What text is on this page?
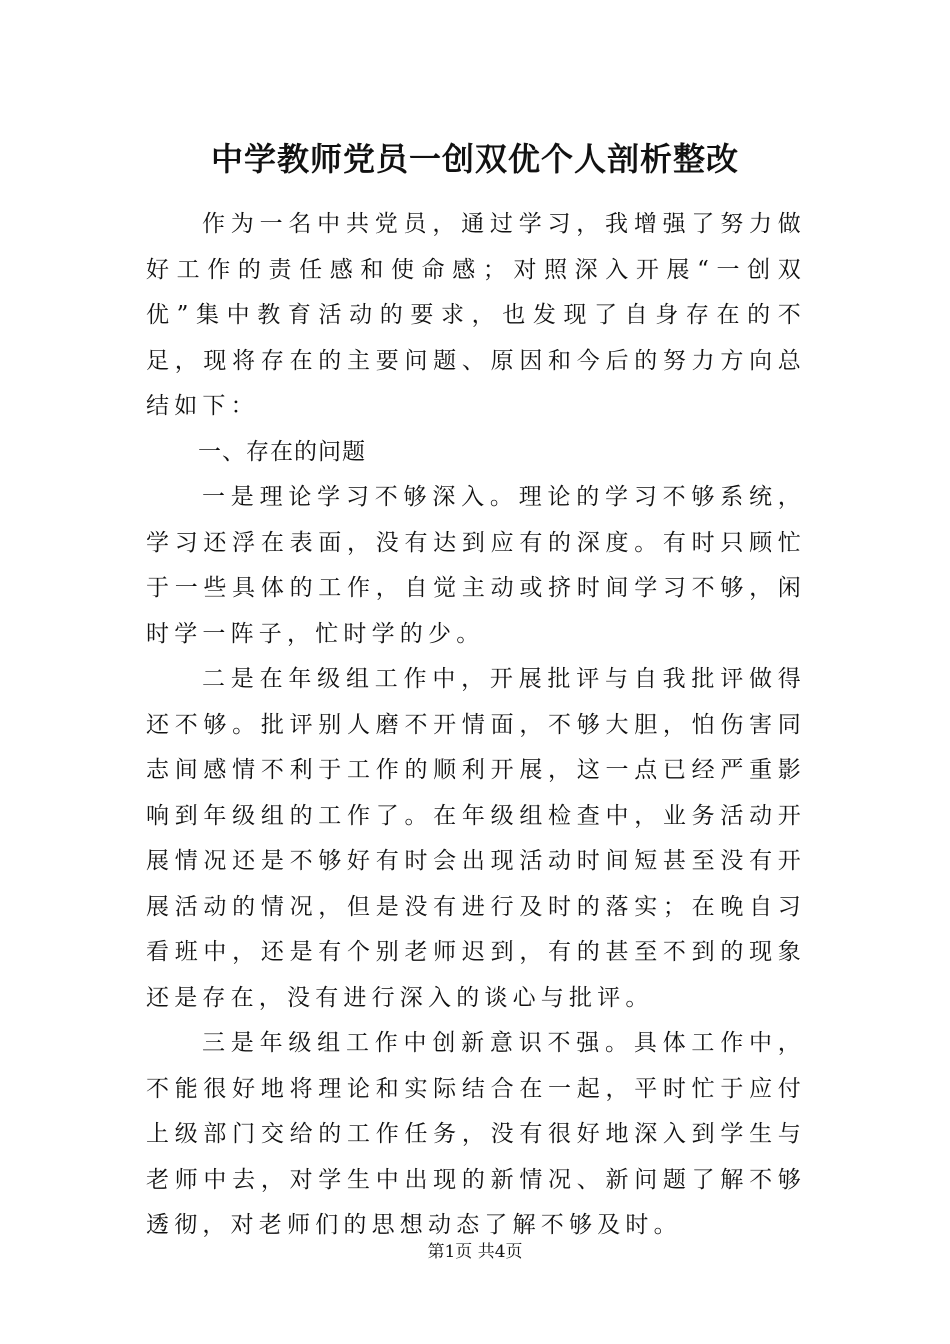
中学教师党员一创双优个人剖析整改

作为一名中共党员，通过学习，我增强了努力做好工作的责任感和使命感；对照深入开展“一创双优”集中教育活动的要求，也发现了自身存在的不足，现将存在的主要问题、原因和今后的努力方向总结如下：

一、存在的问题

一是理论学习不够深入。理论的学习不够系统，学习还浮在表面，没有达到应有的深度。有时只顾忙于一些具体的工作，自觉主动或挤时间学习不够，闲时学一阵子，忙时学的少。

二是在年级组工作中，开展批评与自我批评做得还不够。批评别人磨不开情面，不够大胆，怕伤害同志间感情不利于工作的顺利开展，这一点已经严重影响到年级组的工作了。在年级组检查中，业务活动开展情况还是不够好有时会出现活动时间短甚至没有开展活动的情况，但是没有进行及时的落实；在晚自习看班中，还是有个别老师迟到，有的甚至不到的现象还是存在，没有进行深入的谈心与批评。

三是年级组工作中创新意识不强。具体工作中，不能很好地将理论和实际结合在一起，平时忙于应付上级部门交给的工作任务，没有很好地深入到学生与老师中去，对学生中出现的新情况、新问题了解不够透彻，对老师们的思想动态了解不够及时。

第1页 共4页
